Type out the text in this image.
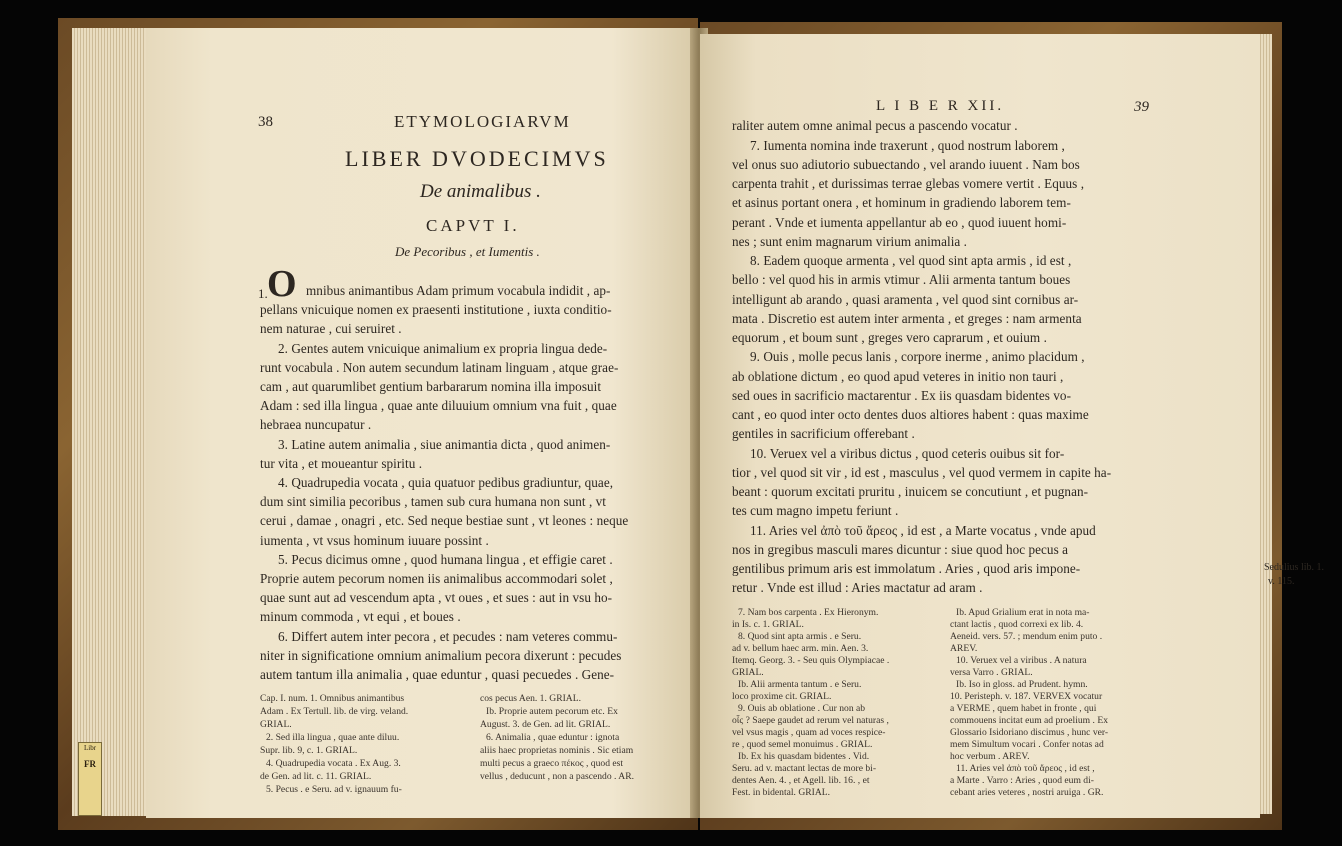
Libr
FR
38	ETYMOLOGIARVM
LIBER DVODECIMVS
De animalibus .
CAPVT I.
De Pecoribus , et Iumentis .
1. O mnibus animantibus Adam primum vocabula indidit , ap-
pellans vnicuique nomen ex praesenti institutione , iuxta conditio-
nem naturae , cui seruiret .
2. Gentes autem vnicuique animalium ex propria lingua dede-
runt vocabula . Non autem secundum latinam linguam , atque grae-
cam , aut quarumlibet gentium barbararum nomina illa imposuit
Adam : sed illa lingua , quae ante diluuium omnium vna fuit , quae
hebraea nuncupatur .
3. Latine autem animalia , siue animantia dicta , quod animen-
tur vita , et moueantur spiritu .
4. Quadrupedia vocata , quia quatuor pedibus gradiuntur, quae,
dum sint similia pecoribus , tamen sub cura humana non sunt , vt
cerui , damae , onagri , etc. Sed neque bestiae sunt , vt leones : neque
iumenta , vt vsus hominum iuuare possint .
5. Pecus dicimus omne , quod humana lingua , et effigie caret .
Proprie autem pecorum nomen iis animalibus accommodari solet ,
quae sunt aut ad vescendum apta , vt oues , et sues : aut in vsu ho-
minum commoda , vt equi , et boues .
6. Differt autem inter pecora , et pecudes : nam veteres commu-
niter in significatione omnium animalium pecora dixerunt : pecudes
autem tantum illa animalia , quae eduntur , quasi pecuedes . Gene-
Cap. I. num. 1. Omnibus animantibus
Adam . Ex Tertull. lib. de virg. veland.
GRIAL.
2. Sed illa lingua , quae ante diluu.
Supr. lib. 9, c. 1. GRIAL.
4. Quadrupedia vocata . Ex Aug. 3.
de Gen. ad lit. c. 11. GRIAL.
5. Pecus . e Seru. ad v. ignauum fu-
cos pecus Aen. 1. GRIAL.
Ib. Proprie autem pecorum etc. Ex
August. 3. de Gen. ad lit. GRIAL.
6. Animalia , quae eduntur : ignota
aliis haec proprietas nominis . Sic etiam
multi pecus a graeco πέκος , quod est
vellus , deducunt , non a pascendo . AR.
L I B E R XII.	39
raliter autem omne animal pecus a pascendo vocatur .
7. Iumenta nomina inde traxerunt , quod nostrum laborem ,
vel onus suo adiutorio subuectando , vel arando iuuent . Nam bos
carpenta trahit , et durissimas terrae glebas vomere vertit . Equus ,
et asinus portant onera , et hominum in gradiendo laborem tem-
perant . Vnde et iumenta appellantur ab eo , quod iuuent homi-
nes ; sunt enim magnarum virium animalia .
8. Eadem quoque armenta , vel quod sint apta armis , id est ,
bello : vel quod his in armis vtimur . Alii armenta tantum boues
intelligunt ab arando , quasi aramenta , vel quod sint cornibus ar-
mata . Discretio est autem inter armenta , et greges : nam armenta
equorum , et boum sunt , greges vero caprarum , et ouium .
9. Ouis , molle pecus lanis , corpore inerme , animo placidum ,
ab oblatione dictum , eo quod apud veteres in initio non tauri ,
sed oues in sacrificio mactarentur . Ex iis quasdam bidentes vo-
cant , eo quod inter octo dentes duos altiores habent : quas maxime
gentiles in sacrificium offerebant .
10. Veruex vel a viribus dictus , quod ceteris ouibus sit for-
tior , vel quod sit vir , id est , masculus , vel quod vermem in capite ha-
beant : quorum excitati pruritu , inuicem se concutiunt , et pugnan-
tes cum magno impetu feriunt .
11. Aries vel ἀπὸ τοῦ ἄρεος , id est , a Marte vocatus , vnde apud
nos in gregibus masculi mares dicuntur : siue quod hoc pecus a
gentilibus primum aris est immolatum . Aries , quod aris impone-
retur . Vnde est illud : Aries mactatur ad aram .
7. Nam bos carpenta . Ex Hieronym.
in Is. c. 1. GRIAL.
8. Quod sint apta armis . e Seru.
ad v. bellum haec arm. min. Aen. 3.
Itemq. Georg. 3. - Seu quis Olympiacae .
GRIAL.
Ib. Alii armenta tantum . e Seru.
loco proxime cit. GRIAL.
9. Ouis ab oblatione . Cur non ab
οἶς ? Saepe gaudet ad rerum vel naturas ,
vel vsus magis , quam ad voces respice-
re , quod semel monuimus . GRIAL.
Ib. Ex his quasdam bidentes . Vid.
Seru. ad v. mactant lectas de more bi-
dentes Aen. 4. , et Agell. lib. 16. , et
Fest. in bidental. GRIAL.
Ib. Apud Grialium erat in nota ma-
ctant lactis , quod correxi ex lib. 4.
Aeneid. vers. 57. ; mendum enim puto .
AREV.
10. Veruex vel a viribus . A natura
versa Varro . GRIAL.
Ib. Iso in gloss. ad Prudent. hymn.
10. Peristeph. v. 187. VERVEX vocatur
a VERME , quem habet in fronte , qui
commouens incitat eum ad proelium . Ex
Glossario Isidoriano discimus , hunc ver-
mem Simultum vocari . Confer notas ad
hoc verbum . AREV.
11. Aries vel ἀπὸ τοῦ ἄρεος , id est ,
a Marte . Varro : Aries , quod eum di-
cebant aries veteres , nostri aruiga . GR.
Sedulius lib. 1.
v. 115.
